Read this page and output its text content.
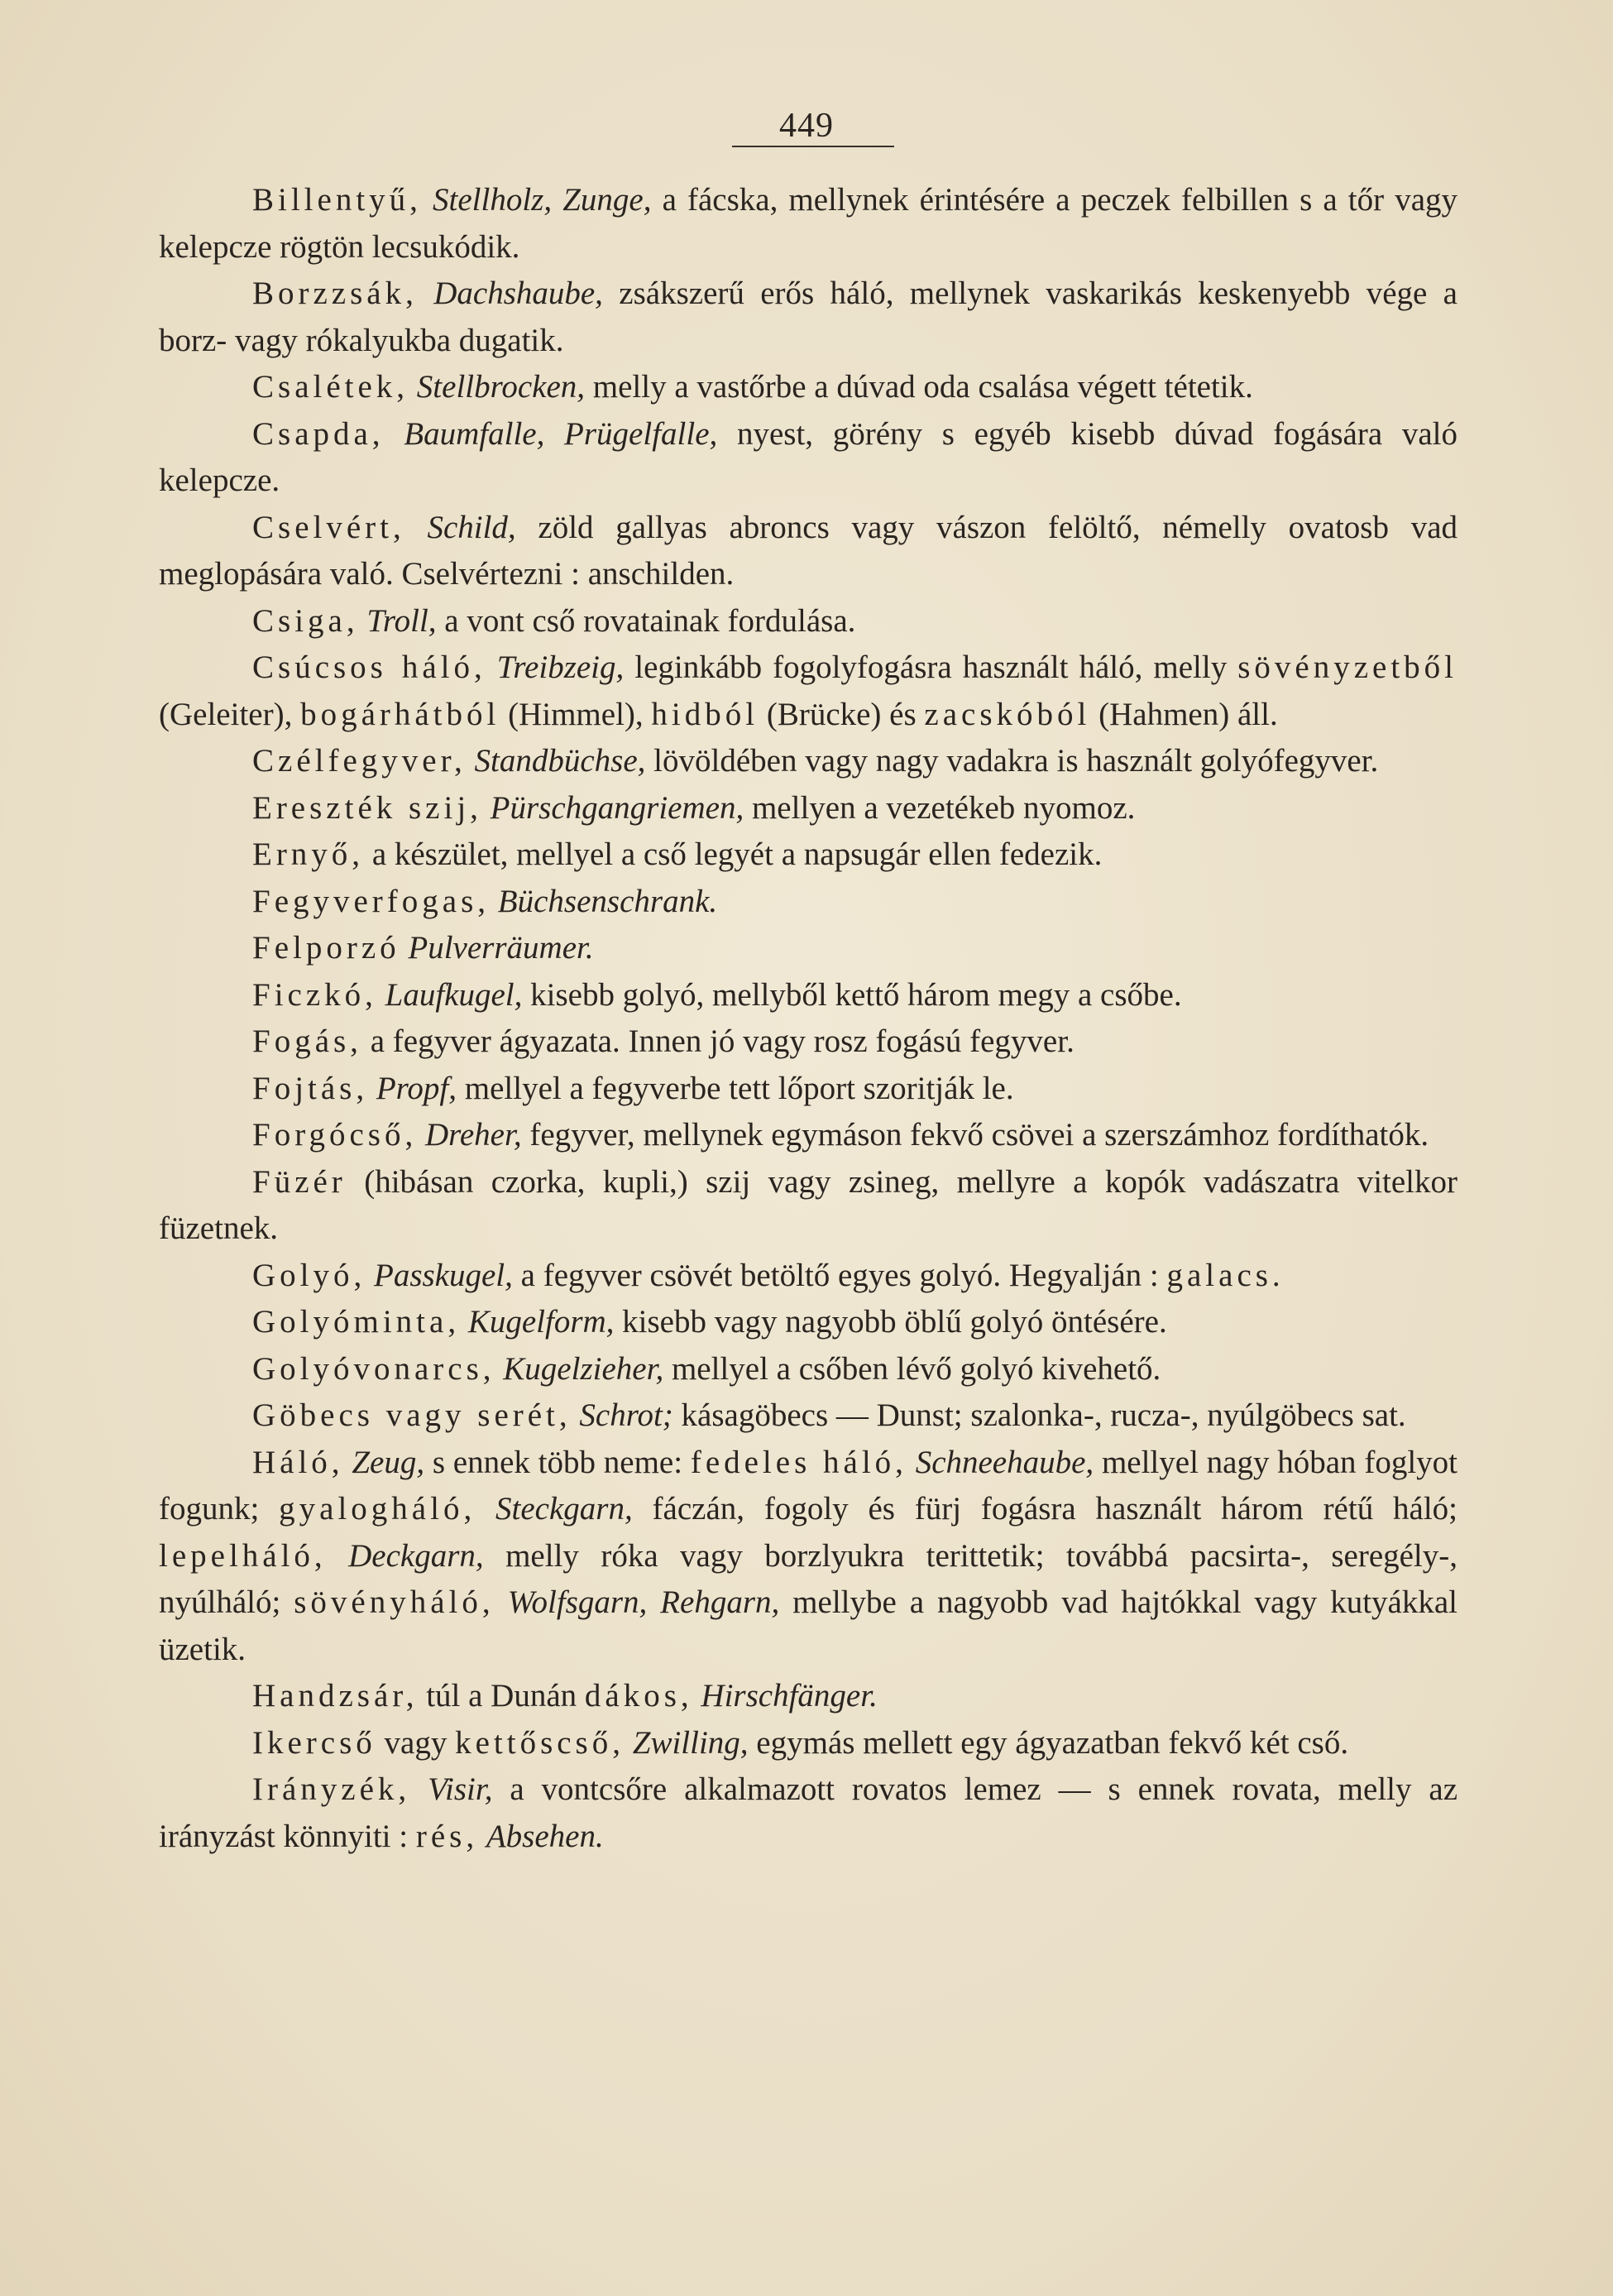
449

Billentyű, Stellholz, Zunge, a fácska, mellynek érintésére a peczek felbillen s a tőr vagy kelepcze rögtön lecsukódik.

Borzzsák, Dachshaube, zsákszerű erős háló, mellynek vaskarikás keskenyebb vége a borz- vagy rókalyukba dugatik.

Csalétek, Stellbrocken, melly a vastőrbe a dúvad oda csalása végett tétetik.

Csapda, Baumfalle, Prügelfalle, nyest, görény s egyéb kisebb dúvad fogására való kelepcze.

Cselvért, Schild, zöld gallyas abroncs vagy vászon felöltő, némelly ovatosb vad meglopására való. Cselvértezni : anschilden.

Csiga, Troll, a vont cső rovatainak fordulása.

Csúcsos háló, Treibzeig, leginkább fogolyfogásra használt háló, melly sövényzetből (Geleiter), bogárhátból (Himmel), hidból (Brücke) és zacskóból (Hahmen) áll.

Czélfegyver, Standbüchse, lövöldében vagy nagy vadakra is használt golyófegyver.

Ereszték szij, Pürschgangriemen, mellyen a vezetékeb nyomoz.

Ernyő, a készület, mellyel a cső legyét a napsugár ellen fedezik.

Fegyverfogas, Büchsenschrank.

Felporzó Pulverräumer.

Ficzkó, Laufkugel, kisebb golyó, mellyből kettő három megy a csőbe.

Fogás, a fegyver ágyazata. Innen jó vagy rosz fogású fegyver.

Fojtás, Propf, mellyel a fegyverbe tett lőport szoritják le.

Forgócső, Dreher, fegyver, mellynek egymáson fekvő csövei a szerszámhoz fordíthatók.

Füzér (hibásan czorka, kupli,) szij vagy zsineg, mellyre a kopók vadászatra vitelkor füzetnek.

Golyó, Passkugel, a fegyver csövét betöltő egyes golyó. Hegyalján : galacs.

Golyóminta, Kugelform, kisebb vagy nagyobb öblű golyó öntésére.

Golyóvonarcs, Kugelzieher, mellyel a csőben lévő golyó kivehető.

Göbecs vagy serét, Schrot; kásagöbecs — Dunst; szalonka-, rucza-, nyúlgöbecs sat.

Háló, Zeug, s ennek több neme: fedeles háló, Schneehaube, mellyel nagy hóban foglyot fogunk; gyalogháló, Steckgarn, fáczán, fogoly és fürj fogásra használt három rétű háló; lepelháló, Deckgarn, melly róka vagy borzlyukra terittetik; továbbá pacsirta-, seregély-, nyúlháló; sövényháló, Wolfsgarn, Rehgarn, mellybe a nagyobb vad hajtókkal vagy kutyákkal üzetik.

Handzsár, túl a Dunán dákos, Hirschfänger.

Ikercső vagy kettőscső, Zwilling, egymás mellett egy ágyazatban fekvő két cső.

Irányzék, Visir, a vontcsőre alkalmazott rovatos lemez — s ennek rovata, melly az irányzást könnyiti : rés, Absehen.
